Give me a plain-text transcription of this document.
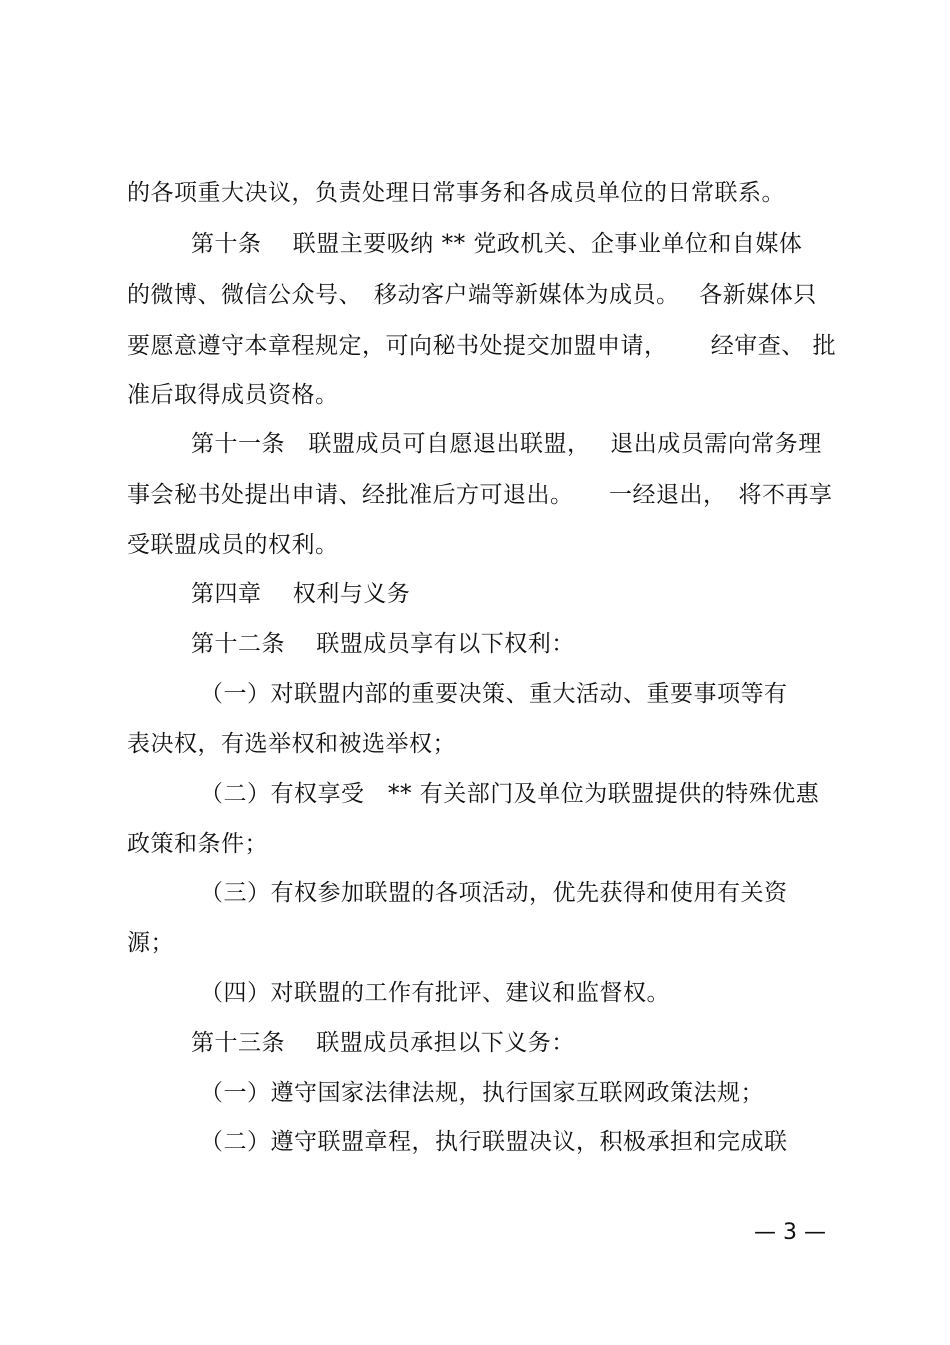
的各项重大决议，负责处理日常事务和各成员单位的日常联系。
第十条　 联盟主要吸纳 ** 党政机关、企事业单位和自媒体
的微博、微信公众号、　移动客户端等新媒体为成员。　 各新媒体只
要愿意遵守本章程规定，可向秘书处提交加盟申请，　　 经审查、 批
准后取得成员资格。
第十一条　联盟成员可自愿退出联盟，　 退出成员需向常务理
事会秘书处提出申请、经批准后方可退出。　　一经退出，　将不再享
受联盟成员的权利。
第四章　 权利与义务
第十二条　 联盟成员享有以下权利：
（一）对联盟内部的重要决策、重大活动、重要事项等有
表决权，有选举权和被选举权；
（二）有权享受　** 有关部门及单位为联盟提供的特殊优惠
政策和条件；
（三）有权参加联盟的各项活动，优先获得和使用有关资
源；
（四）对联盟的工作有批评、建议和监督权。
第十三条　 联盟成员承担以下义务：
（一）遵守国家法律法规，执行国家互联网政策法规；
（二）遵守联盟章程，执行联盟决议，积极承担和完成联
— 3 —
